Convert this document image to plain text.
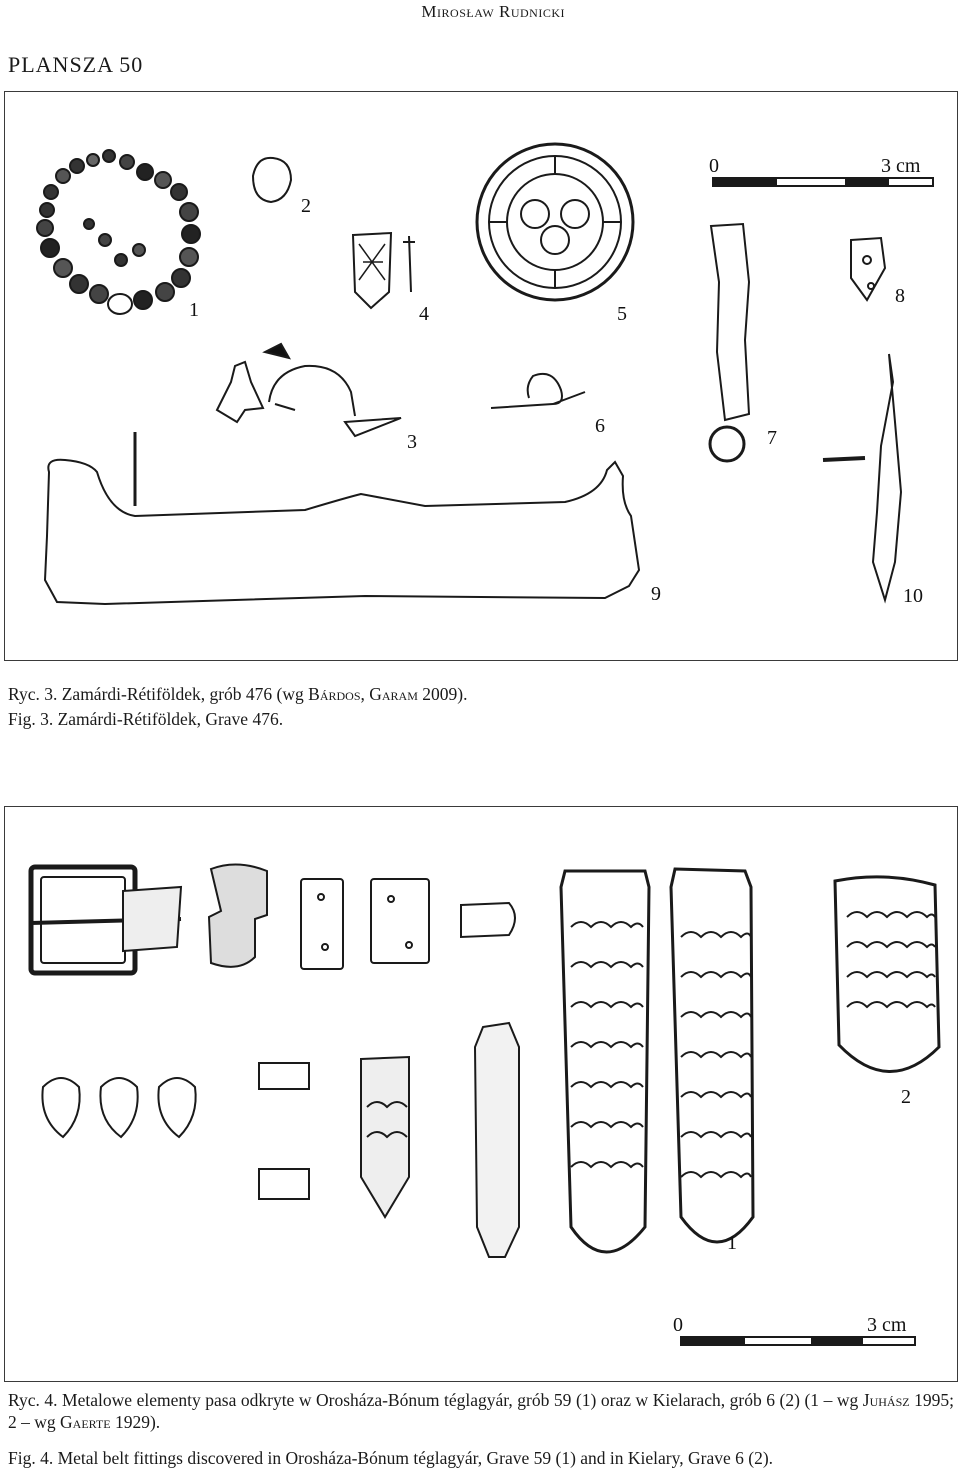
Mirosław Rudnicki
PLANSZA 50
0	3 cm
1
2
3
4	5
6
7
8
9	10
Ryc. 3. Zamárdi-Rétiföldek, grób 476 (wg Bárdos, Garam 2009).
Fig. 3. Zamárdi-Rétiföldek, Grave 476.
0	3 cm
1
2
Ryc. 4. Metalowe elementy pasa odkryte w Orosháza-Bónum téglagyár, grób 59 (1) oraz w Kielarach, grób 6 (2) (1 – wg Juhász 1995; 2 – wg Gaerte 1929).
Fig. 4. Metal belt fittings discovered in Orosháza-Bónum téglagyár, Grave 59 (1) and in Kielary, Grave 6 (2).
